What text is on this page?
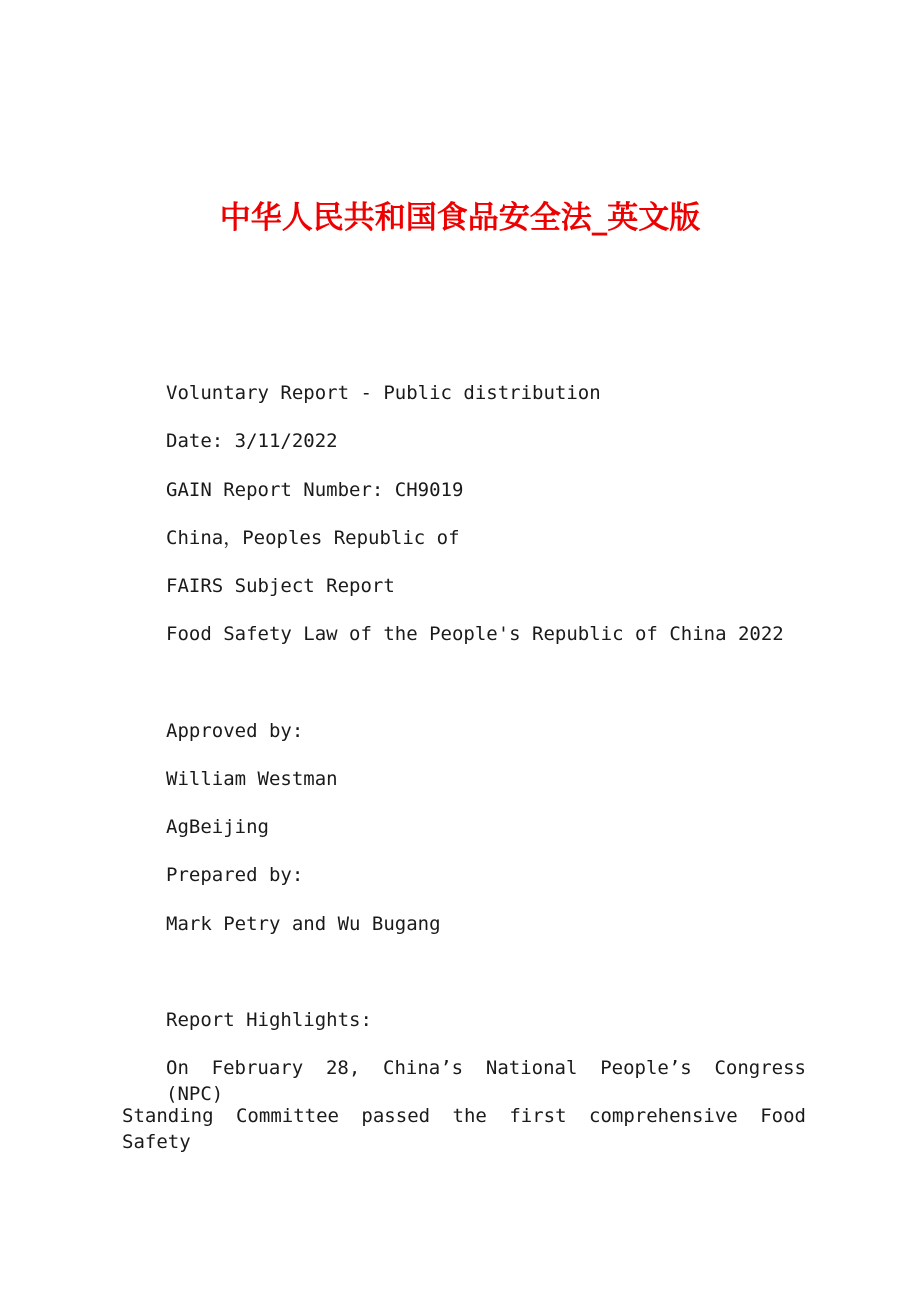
中华人民共和国食品安全法_英文版

Voluntary Report - Public distribution

Date: 3/11/2022

GAIN Report Number: CH9019

China，Peoples Republic of

FAIRS Subject Report

Food Safety Law of the People's Republic of China 2022

Approved by:

William Westman

AgBeijing

Prepared by:

Mark Petry and Wu Bugang

Report Highlights:

On February 28, China’s National People’s Congress (NPC)

Standing Committee passed the first comprehensive Food Safety
